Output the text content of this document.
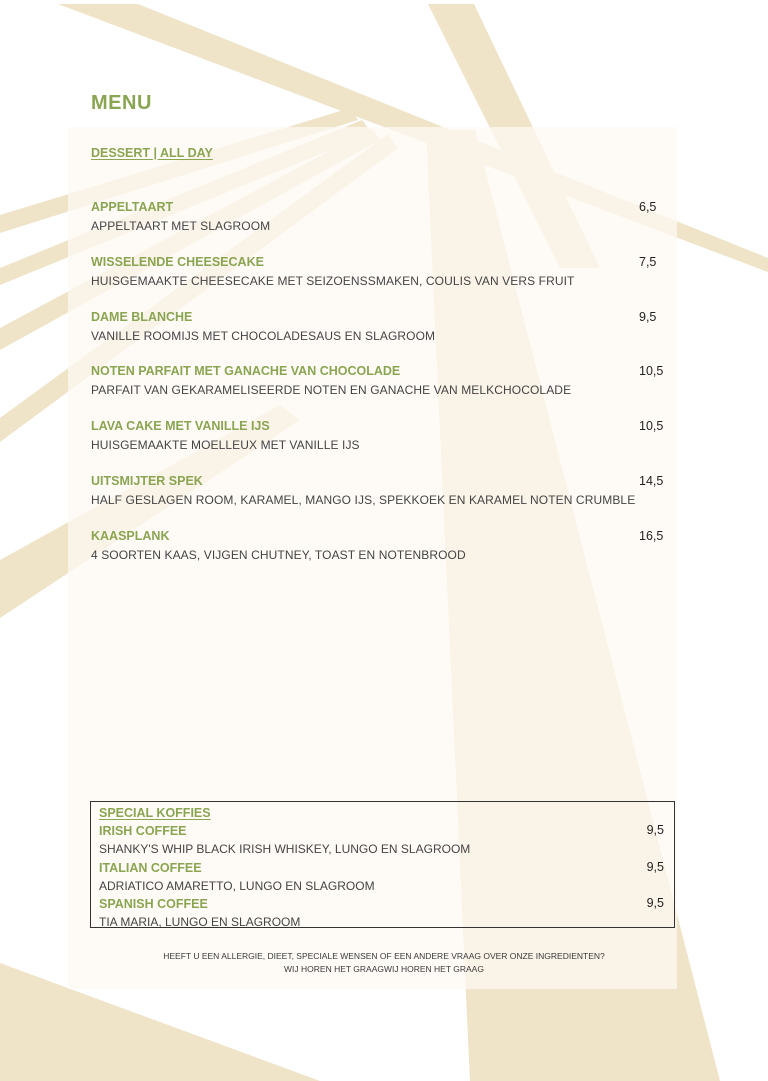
MENU
DESSERT | ALL DAY
APPELTAART
APPELTAART MET SLAGROOM
6,5
WISSELENDE CHEESECAKE
HUISGEMAAKTE CHEESECAKE MET SEIZOENSSMAKEN, COULIS VAN VERS FRUIT
7,5
DAME BLANCHE
VANILLE ROOMIJS MET CHOCOLADESAUS EN SLAGROOM
9,5
NOTEN PARFAIT MET GANACHE VAN CHOCOLADE
PARFAIT VAN GEKARAMELISEERDE NOTEN EN GANACHE VAN MELKCHOCOLADE
10,5
LAVA CAKE MET VANILLE IJS
HUISGEMAAKTE MOELLEUX MET VANILLE IJS
10,5
UITSMIJTER SPEK
HALF GESLAGEN ROOM, KARAMEL, MANGO IJS, SPEKKOEK EN KARAMEL NOTEN CRUMBLE
14,5
KAASPLANK
4 SOORTEN KAAS, VIJGEN CHUTNEY, TOAST EN NOTENBROOD
16,5
SPECIAL KOFFIES
IRISH COFFEE
SHANKY'S WHIP BLACK IRISH WHISKEY, LUNGO EN SLAGROOM
9,5
ITALIAN COFFEE
ADRIATICO AMARETTO, LUNGO EN SLAGROOM
9,5
SPANISH COFFEE
TIA MARIA, LUNGO EN SLAGROOM
9,5
HEEFT U EEN ALLERGIE, DIEET, SPECIALE WENSEN OF EEN ANDERE VRAAG OVER ONZE INGREDIENTEN?
WIJ HOREN HET GRAAGWIJ HOREN HET GRAAG
